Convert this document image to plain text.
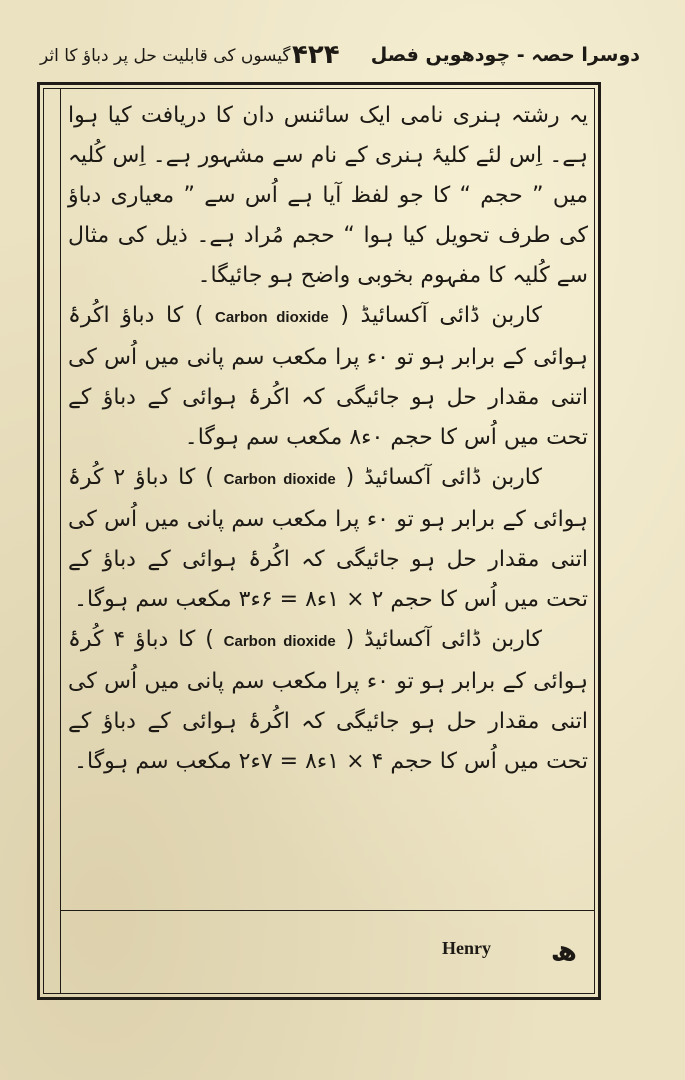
دوسرا حصہ - چودھویں فصل
۴۲۴
گیسوں کی قابلیت حل پر دباؤ کا اثر

یہ رشتہ ہنری نامی ایک سائنس دان کا دریافت کیا ہوا ہے۔ اِس لئے کلیۂ ہنری کے نام سے مشہور ہے۔ اِس کُلیہ میں ” حجم “ کا جو لفظ آیا ہے اُس سے ” معیاری دباؤ کی طرف تحویل کیا ہوا “ حجم مُراد ہے۔ ذیل کی مثال سے کُلیہ کا مفہوم بخوبی واضح ہو جائیگا۔

کاربن ڈائی آکسائیڈ ( Carbon dioxide ) کا دباؤ اکُرۂ ہوائی کے برابر ہو تو ۰ء پرا مکعب سم پانی میں اُس کی اتنی مقدار حل ہو جائیگی کہ اکُرۂ ہوائی کے دباؤ کے تحت میں اُس کا حجم ۰ء۸ مکعب سم ہوگا۔

کاربن ڈائی آکسائیڈ ( Carbon dioxide ) کا دباؤ ۲ کُرۂ ہوائی کے برابر ہو تو ۰ء پرا مکعب سم پانی میں اُس کی اتنی مقدار حل ہو جائیگی کہ اکُرۂ ہوائی کے دباؤ کے تحت میں اُس کا حجم ۲ × ۱ء۸ = ۶ء۳ مکعب سم ہوگا۔

کاربن ڈائی آکسائیڈ ( Carbon dioxide ) کا دباؤ ۴ کُرۂ ہوائی کے برابر ہو تو ۰ء پرا مکعب سم پانی میں اُس کی اتنی مقدار حل ہو جائیگی کہ اکُرۂ ہوائی کے دباؤ کے تحت میں اُس کا حجم ۴ × ۱ء۸ = ۷ء۲ مکعب سم ہوگا۔

ھ
Henry
